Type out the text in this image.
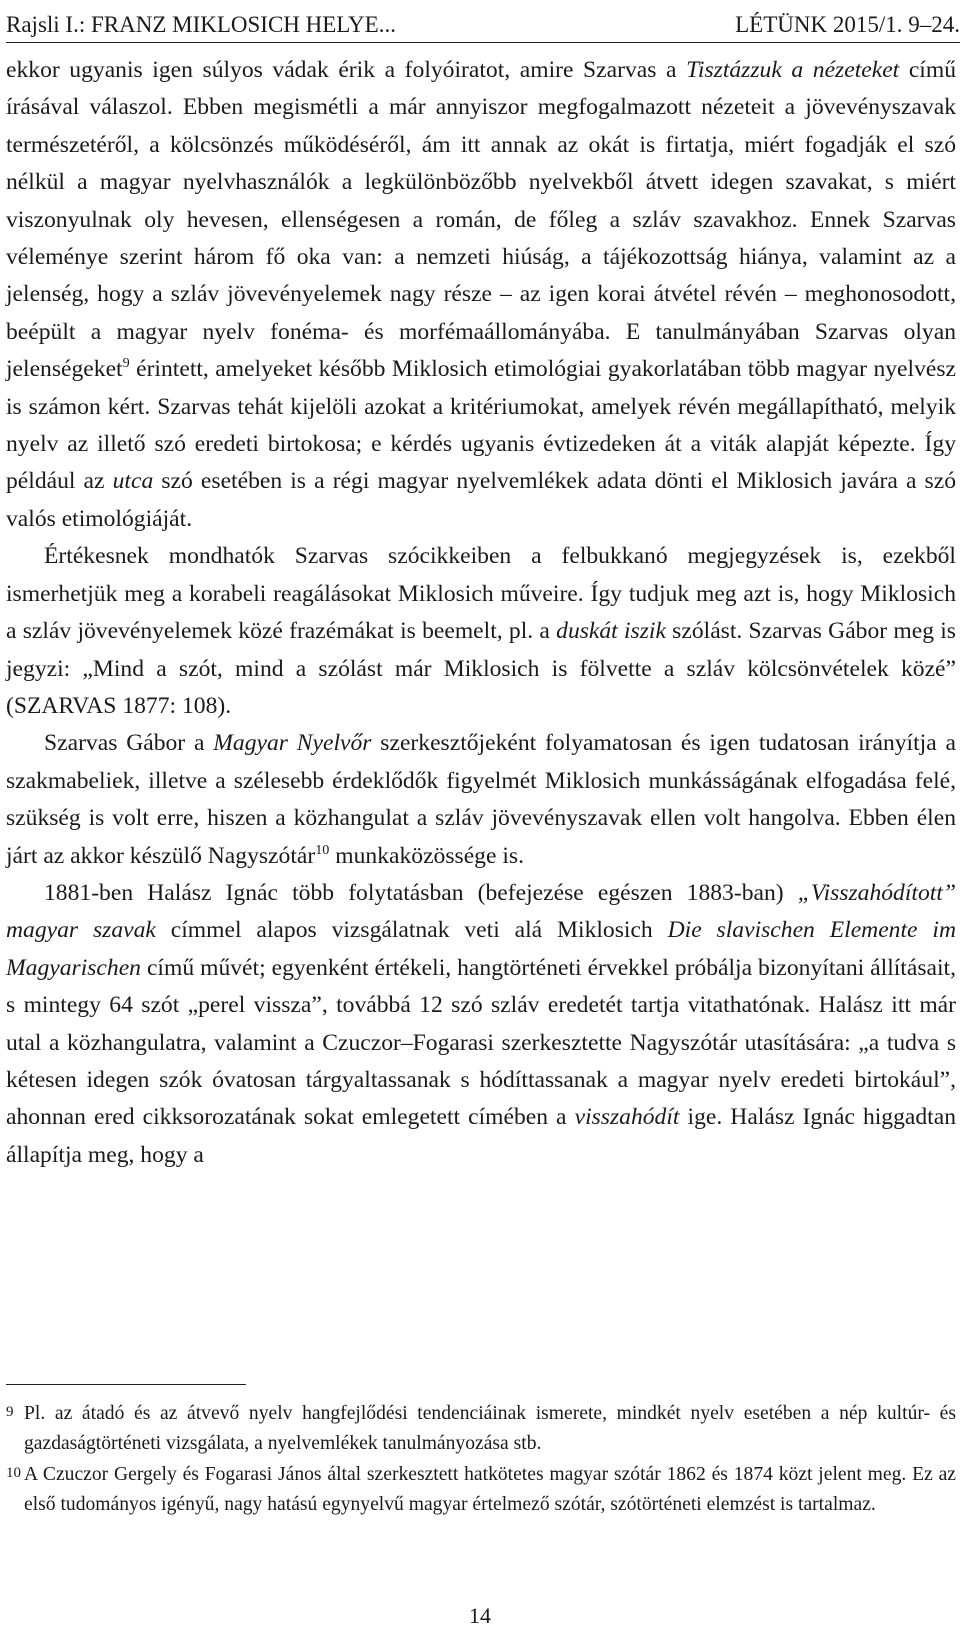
Rajsli I.: FRANZ MIKLOSICH HELYE...	LÉTÜNK 2015/1. 9–24.

ekkor ugyanis igen súlyos vádak érik a folyóiratot, amire Szarvas a Tisztázzuk a nézeteket című írásával válaszol. Ebben megismétli a már annyiszor megfogalmazott nézeteit a jövevényszavak természetéről, a kölcsönzés működéséről, ám itt annak az okát is firtatja, miért fogadják el szó nélkül a magyar nyelvhasználók a legkülönbözőbb nyelvekből átvett idegen szavakat, s miért viszonyulnak oly hevesen, ellenségesen a román, de főleg a szláv szavakhoz. Ennek Szarvas véleménye szerint három fő oka van: a nemzeti hiúság, a tájékozottság hiánya, valamint az a jelenség, hogy a szláv jövevényelemek nagy része – az igen korai átvétel révén – meghonosodott, beépült a magyar nyelv fonéma- és morfémaállományába. E tanulmányában Szarvas olyan jelenségeket$^9$ érintett, amelyeket később Miklosich etimológiai gyakorlatában több magyar nyelvész is számon kért. Szarvas tehát kijelöli azokat a kritériumokat, amelyek révén megállapítható, melyik nyelv az illető szó eredeti birtokosa; e kérdés ugyanis évtizedeken át a viták alapját képezte. Így például az utca szó esetében is a régi magyar nyelvemlékek adata dönti el Miklosich javára a szó valós etimológiáját.

Értékesnek mondhatók Szarvas szócikkeiben a felbukkanó megjegyzések is, ezekből ismerhetjük meg a korabeli reagálásokat Miklosich műveire. Így tudjuk meg azt is, hogy Miklosich a szláv jövevényelemek közé frazémákat is beemelt, pl. a duskát iszik szólást. Szarvas Gábor meg is jegyzi: „Mind a szót, mind a szólást már Miklosich is fölvette a szláv kölcsönvételek közé” (SZARVAS 1877: 108).

Szarvas Gábor a Magyar Nyelvőr szerkesztőjeként folyamatosan és igen tudatosan irányítja a szakmabeliek, illetve a szélesebb érdeklődők figyelmét Miklosich munkásságának elfogadása felé, szükség is volt erre, hiszen a közhangulat a szláv jövevényszavak ellen volt hangolva. Ebben élen járt az akkor készülő Nagyszótár$^{10}$ munkaközössége is.

1881-ben Halász Ignác több folytatásban (befejezése egészen 1883-ban) „Visszahódított” magyar szavak címmel alapos vizsgálatnak veti alá Miklosich Die slavischen Elemente im Magyarischen című művét; egyenként értékeli, hangtörténeti érvekkel próbálja bizonyítani állításait, s mintegy 64 szót „perel vissza”, továbbá 12 szó szláv eredetét tartja vitathatónak. Halász itt már utal a közhangulatra, valamint a Czuczor–Fogarasi szerkesztette Nagyszótár utasítására: „a tudva s kétesen idegen szók óvatosan tárgyaltassanak s hódíttassanak a magyar nyelv eredeti birtokául”, ahonnan ered cikksorozatának sokat emlegetett címében a visszahódít ige. Halász Ignác higgadtan állapítja meg, hogy a

9 Pl. az átadó és az átvevő nyelv hangfejlődési tendenciáinak ismerete, mindkét nyelv esetében a nép kultúr- és gazdaságtörténeti vizsgálata, a nyelvemlékek tanulmányozása stb.
10 A Czuczor Gergely és Fogarasi János által szerkesztett hatkötetes magyar szótár 1862 és 1874 közt jelent meg. Ez az első tudományos igényű, nagy hatású egynyelvű magyar értelmező szótár, szótörténeti elemzést is tartalmaz.
14
